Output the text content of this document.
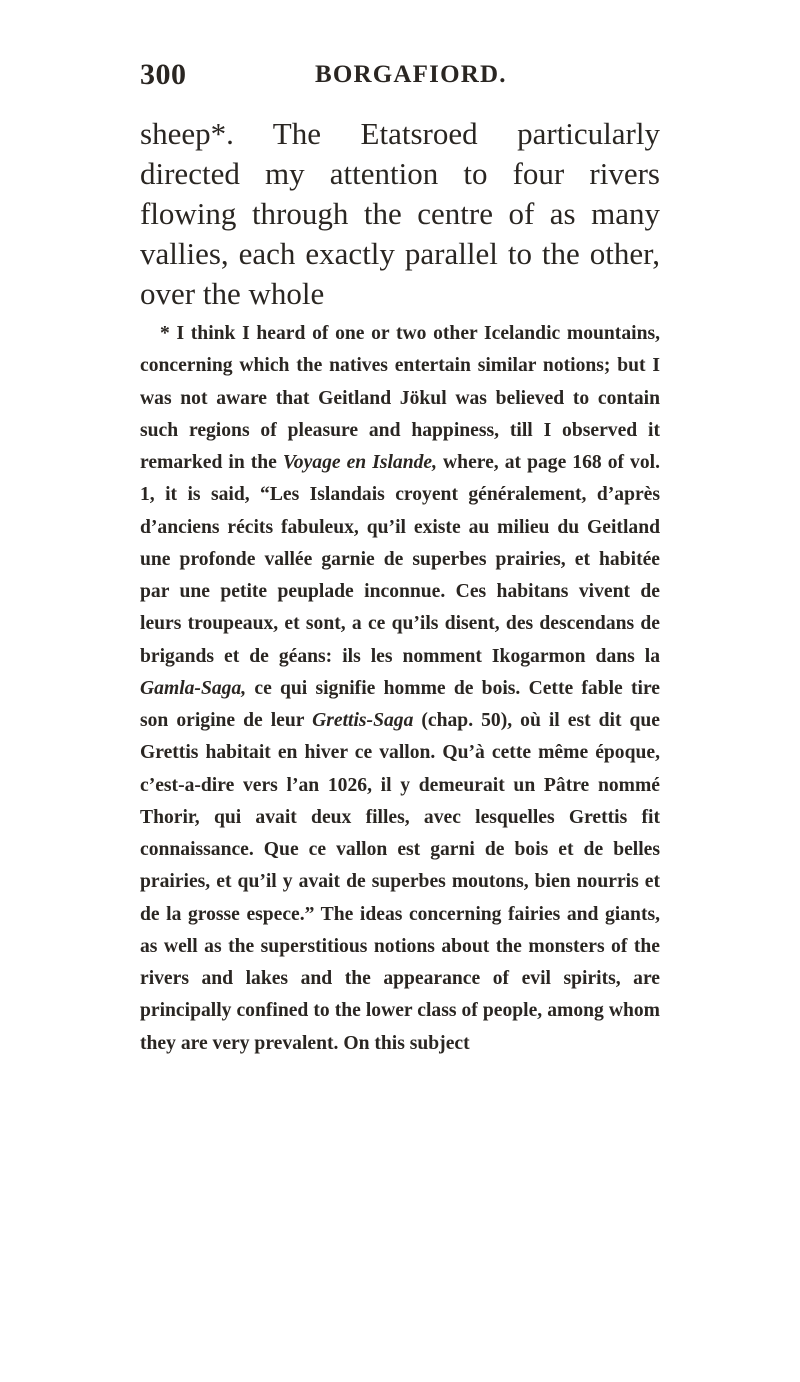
300	BORGAFIORD.

sheep*. The Etatsroed particularly directed my attention to four rivers flowing through the centre of as many vallies, each exactly parallel to the other, over the whole

* I think I heard of one or two other Icelandic mountains, concerning which the natives entertain similar notions; but I was not aware that Geitland Jökul was believed to contain such regions of pleasure and happiness, till I observed it remarked in the Voyage en Islande, where, at page 168 of vol. 1, it is said, “Les Islandais croyent généralement, d’après d’anciens récits fabuleux, qu’il existe au milieu du Geitland une profonde vallée garnie de superbes prairies, et habitée par une petite peuplade inconnue. Ces habitans vivent de leurs troupeaux, et sont, a ce qu’ils disent, des descendans de brigands et de géans: ils les nomment Ikogarmon dans la Gamla-Saga, ce qui signifie homme de bois. Cette fable tire son origine de leur Grettis-Saga (chap. 50), où il est dit que Grettis habitait en hiver ce vallon. Qu’à cette même époque, c’est-a-dire vers l’an 1026, il y demeurait un Pâtre nommé Thorir, qui avait deux filles, avec lesquelles Grettis fit connaissance. Que ce vallon est garni de bois et de belles prairies, et qu’il y avait de superbes moutons, bien nourris et de la grosse espece.” The ideas concerning fairies and giants, as well as the superstitious notions about the monsters of the rivers and lakes and the appearance of evil spirits, are principally confined to the lower class of people, among whom they are very prevalent. On this subject
